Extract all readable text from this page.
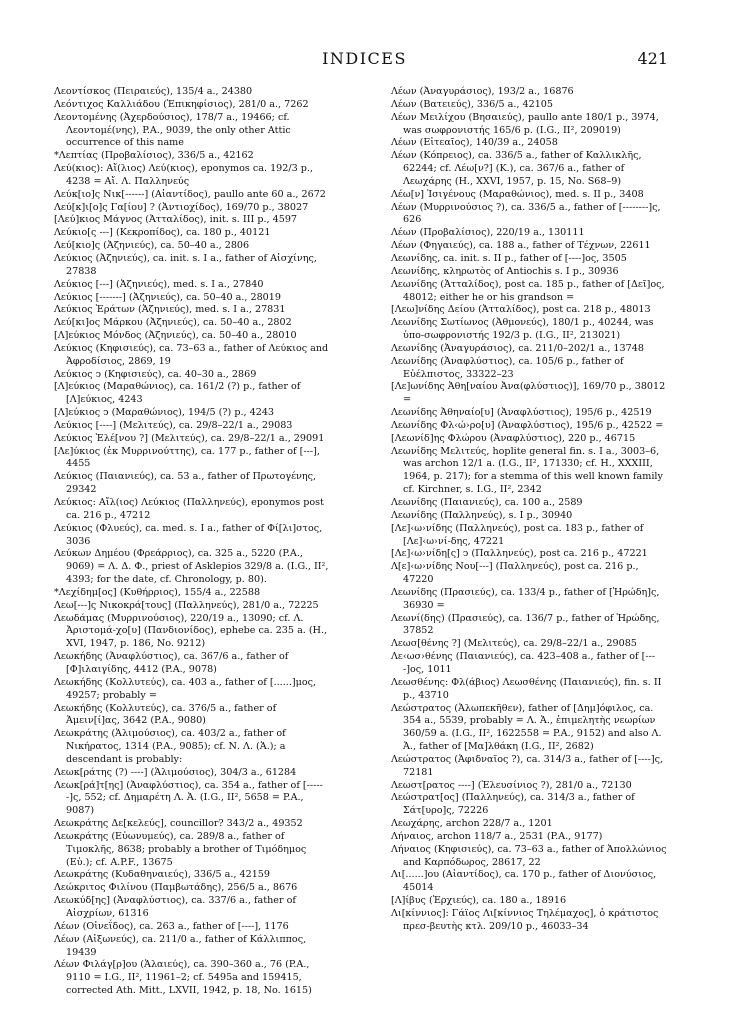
INDICES	421
Λεοντίσκος (Πειραιεύς), 135/4 a., 24380
Λεόντιχος Καλλιάδου (Ἐπικηφίσιος), 281/0 a., 7262
Λεοντομένης (Ἀχερδούσιος), 178/7 a., 19466; cf. Λεοντομέ(νης), P.A., 9039, the only other Attic occurrence of this name
*Λεπτίας (Προβαλίσιος), 336/5 a., 42162
Λεύ(κιος): Αἴ(λιος) Λεύ(κιος), eponymos ca. 192/3 p., 4238 = Αἴ. Λ. Παλληνεύς
Λεύκ[ιο]ς Νικ[------] (Αἰαντίδος), paullo ante 60 a., 2672
Λεύ[κ]ι[ο]ς Γα[ίου] ? (Ἀντιοχίδος), 169/70 p., 38027
[Λεύ]κιος Μάγνος (Ἀτταλίδος), init. s. III p., 4597
Λεύκιο[ς ---] (Κεκροπίδος), ca. 180 p., 40121
Λεύ[κιο]ς (Ἀζηνιεύς), ca. 50–40 a., 2806
Λεύκιος (Ἀζηνιεύς), ca. init. s. I a., father of Αἰσχίνης, 27838
Λεύκιος [---] (Ἀζηνιεύς), med. s. I a., 27840
Λεύκιος [-------] (Ἀζηνιεύς), ca. 50–40 a., 28019
Λεύκιος Ἐράτων (Ἀζηνιεύς), med. s. I a., 27831
Λεύ[κι]ος Μάρκου (Ἀζηνιεύς), ca. 50–40 a., 2802
[Λ]εύκιος Μόνδος (Ἀζηνιεύς), ca. 50–40 a., 28010
Λεύκιος (Κηφισιεύς), ca. 73–63 a., father of Λεύκιος and Ἀφροδίσιος, 2869, 19
Λεύκιος ͻ (Κηφισιεύς), ca. 40–30 a., 2869
[Λ]εύκιος (Μαραθώνιος), ca. 161/2 (?) p., father of [Λ]εύκιος, 4243
[Λ]εύκιος ͻ (Μαραθώνιος), 194/5 (?) p., 4243
Λεύκιος [----] (Μελιτεύς), ca. 29/8–22/1 a., 29083
Λεύκιος Ἐλέ[νου ?] (Μελιτεύς), ca. 29/8–22/1 a., 29091
[Λε]ύκιος (ἐκ Μυρρινούττης), ca. 177 p., father of [---], 4455
Λεύκιος (Παιανιεύς), ca. 53 a., father of Πρωτογένης, 29342
Λεύκιος: Αἴλ(ιος) Λεύκιος (Παλληνεύς), eponymos post ca. 216 p., 47212
Λεύκιος (Φλυεύς), ca. med. s. I a., father of Φί[λι]στος, 3036
Λεύκων Δημέου (Φρεάρριος), ca. 325 a., 5220 (P.A., 9069) = Λ. Δ. Φ., priest of Asklepios 329/8 a. (I.G., II², 4393; for the date, cf. Chronology, p. 80).
*Λεχίδημ[ος] (Κυθήρριος), 155/4 a., 22588
Λεω[---]ς Νικοκρά[τους] (Παλληνεύς), 281/0 a., 72225
Λεωδάμας (Μυρρινούσιος), 220/19 a., 13090; cf. Λ. Ἀριστομά-χο[υ] (Πανδιονίδος), ephebe ca. 235 a. (H., XVI, 1947, p. 186, No. 9212)
Λεωκήδης (Ἀναφλύστιος), ca. 367/6 a., father of [Φ]ιλαιγίδης, 4412 (P.A., 9078)
Λεωκήδης (Κολλυτεύς), ca. 403 a., father of [......]μος, 49257; probably =
Λεωκήδης (Κολλυτεύς), ca. 376/5 a., father of Ἀμειν[ί]ας, 3642 (P.A., 9080)
Λεωκράτης (Ἁλιμούσιος), ca. 403/2 a., father of Νικήρατος, 1314 (P.A., 9085); cf. Ν. Λ. (Ἁ.); a descendant is probably:
Λεωκ[ράτης (?) ----] (Ἁλιμούσιος), 304/3 a., 61284
Λεωκ[ρά]τ[ης] (Ἀναφλύστιος), ca. 354 a., father of [------]ς, 552; cf. Δημαρέτη Λ. Ἀ. (I.G., II², 5658 = P.A., 9087)
Λεωκράτης Δε[κελεύς], councillor? 343/2 a., 49352
Λεωκράτης (Εὐωνυμεύς), ca. 289/8 a., father of Τιμοκλῆς, 8638; probably a brother of Τιμόδημος (Εὐ.); cf. A.P.F., 13675
Λεωκράτης (Κυδαθηναιεύς), 336/5 a., 42159
Λεώκριτος Φιλίνου (Παμβωτάδης), 256/5 a., 8676
Λεωκύδ[ης] (Ἀναφλύστιος), ca. 337/6 a., father of Αἰσχρίων, 61316
Λέων (Οἰνεΐδος), ca. 263 a., father of [----], 1176
Λέων (Αἰξωνεύς), ca. 211/0 a., father of Κάλλιππος, 19439
Λέων Φιλάγ[ρ]ου (Ἁλαιεύς), ca. 390–360 a., 76 (P.A., 9110 = I.G., II², 11961–2; cf. 5495a and 159415, corrected Ath. Mitt., LXVII, 1942, p. 18, No. 1615)
Λέων (Ἀναγυράσιος), 193/2 a., 16876
Λέων (Βατειεύς), 336/5 a., 42105
Λέων Μειλίχου (Βησαιεύς), paullo ante 180/1 p., 3974, was σωφρονιστής 165/6 p. (I.G., II², 209019)
Λέων (Εἰτεαῖος), 140/39 a., 24058
Λέων (Κόπρειος), ca. 336/5 a., father of Καλλικλῆς, 62244; cf. Λέω[ν?] (Κ.), ca. 367/6 a., father of Λεωχάρης (H., XXVI, 1957, p. 15, No. S68–9)
Λέω[ν] Ἰσιγένους (Μαραθώνιος), med. s. II p., 3408
Λέων (Μυρρινούσιος ?), ca. 336/5 a., father of [--------]ς, 626
Λέων (Προβαλίσιος), 220/19 a., 130111
Λέων (Φηγαιεύς), ca. 188 a., father of Τέχνων, 22611
Λεωνίδης, ca. init. s. II p., father of [----]ος, 3505
Λεωνίδης, κληρωτὸς of Antiochis s. I p., 30936
Λεωνίδης (Ἀτταλίδος), post ca. 185 p., father of [Δεῖ]ος, 48012; either he or his grandson =
[Λεω]νίδης Δείου (Ἀτταλίδος), post ca. 218 p., 48013
Λεωνίδης Σωτίωνος (Ἀθμονεύς), 180/1 p., 40244, was ὑπο-σωφρονιστής 192/3 p. (I.G., II², 213021)
Λεωνίδης (Ἀναγυράσιος), ca. 211/0–202/1 a., 13748
Λεωνίδης (Ἀναφλύστιος), ca. 105/6 p., father of Εὐέλπιστος, 33322–23
[Λε]ωνίδης Ἀθη[ναίου Ἀνα(φλύστιος)], 169/70 p., 38012 =
Λεωνίδης Ἀθηναίο[υ] (Ἀναφλύστιος), 195/6 p., 42519
Λεωνίδης Φλ‹ώ›ρο[υ] (Ἀναφλύστιος), 195/6 p., 42522 =
[Λεωνίδ]ης Φλώρου (Ἀναφλύστιος), 220 p., 46715
Λεωνίδης Μελιτεύς, hoplite general fin. s. I a., 3003–6, was archon 12/1 a. (I.G., II², 171330; cf. H., XXXIII, 1964, p. 217); for a stemma of this well known family cf. Kirchner, s. I.G., II², 2342
Λεωνίδης (Παιανιεύς), ca. 100 a., 2589
Λεωνίδης (Παλληνεύς), s. I p., 30940
[Λε]‹ω›νίδης (Παλληνεύς), post ca. 183 p., father of [Λε]‹ω›νί-δης, 47221
[Λε]‹ω›νίδη[ς] ͻ (Παλληνεύς), post ca. 216 p., 47221
Λ[ε]‹ω›νίδης Νου[---] (Παλληνεύς), post ca. 216 p., 47220
Λεωνίδης (Πρασιεύς), ca. 133/4 p., father of [Ἡρώδη]ς, 36930 =
Λεωνί(δης) (Πρασιεύς), ca. 136/7 p., father of Ἡρώδης, 37852
Λεωσ[θένης ?] (Μελιτεύς), ca. 29/8–22/1 a., 29085
Λε‹ωσ›θένης (Παιανιεύς), ca. 423–408 a., father of [----]ος, 1011
Λεωσθένης: Φλ(άβιος) Λεωσθένης (Παιανιεύς), fin. s. II p., 43710
Λεώστρατος (Ἀλωπεκῆθεν), father of [Δημ]όφιλος, ca. 354 a., 5539, probably = Λ. Ἀ., ἐπιμελητὴς νεωρίων 360/59 a. (I.G., II², 1622558 = P.A., 9152) and also Λ. Ἀ., father of [Μα]λθάκη (I.G., II², 2682)
Λεώστρατος (Ἀφιδναῖος ?), ca. 314/3 a., father of [----]ς, 72181
Λεωστ[ρατος ----] (Ἐλευσίνιος ?), 281/0 a., 72130
Λεώστρατ[ος] (Παλληνεύς), ca. 314/3 a., father of Σάτ[υρο]ς, 72226
Λεωχάρης, archon 228/7 a., 1201
Λήναιος, archon 118/7 a., 2531 (P.A., 9177)
Λήναιος (Κηφισιεύς), ca. 73–63 a., father of Ἀπολλώνιος and Καρπόδωρος, 28617, 22
Λι[......]ου (Αἰαντίδος), ca. 170 p., father of Διονύσιος, 45014
[Λ]ίβυς (Ἐρχιεύς), ca. 180 a., 18916
Λι[κίννιος]: Γάϊος Λι[κίννιος Τηλέμαχος], ὁ κράτιστος πρεσ-βευτὴς κτλ. 209/10 p., 46033–34
